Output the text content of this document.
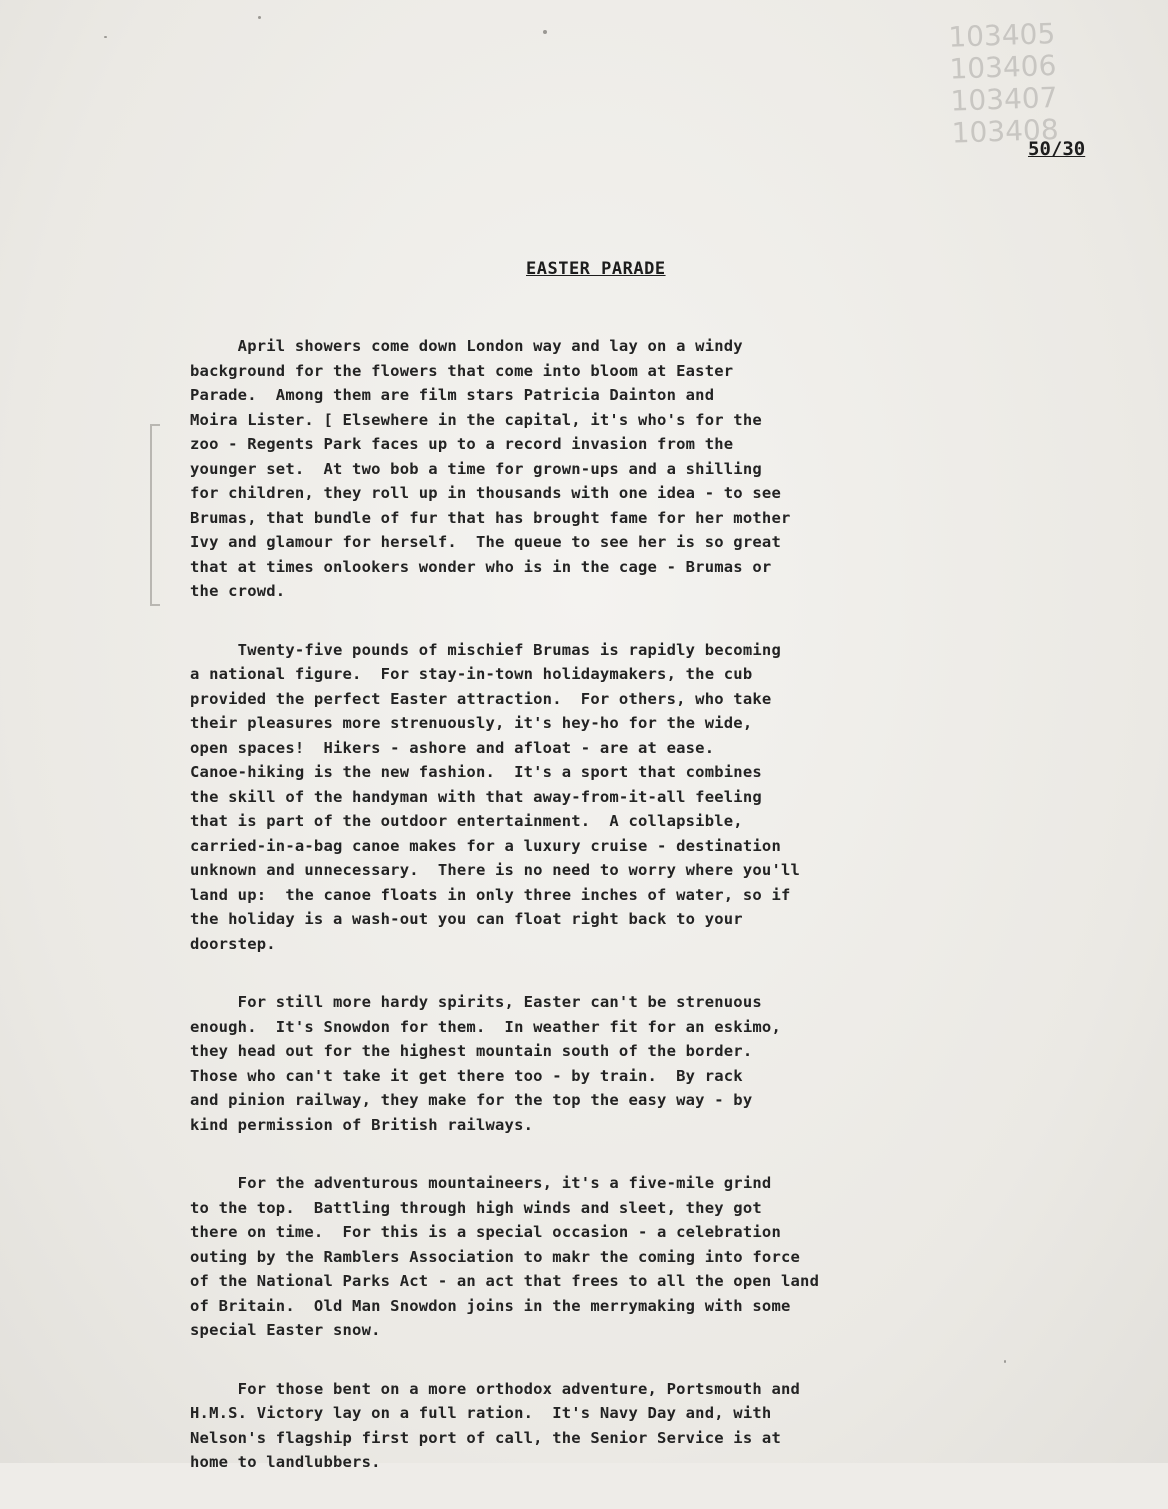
103405
103406
103407
103408
50/30
EASTER PARADE
April showers come down London way and lay on a windy
background for the flowers that come into bloom at Easter
Parade.  Among them are film stars Patricia Dainton and
Moira Lister. [ Elsewhere in the capital, it's who's for the
zoo - Regents Park faces up to a record invasion from the
younger set.  At two bob a time for grown-ups and a shilling
for children, they roll up in thousands with one idea - to see
Brumas, that bundle of fur that has brought fame for her mother
Ivy and glamour for herself.  The queue to see her is so great
that at times onlookers wonder who is in the cage - Brumas or
the crowd.
Twenty-five pounds of mischief Brumas is rapidly becoming
a national figure.  For stay-in-town holidaymakers, the cub
provided the perfect Easter attraction.  For others, who take
their pleasures more strenuously, it's hey-ho for the wide,
open spaces!  Hikers - ashore and afloat - are at ease.
Canoe-hiking is the new fashion.  It's a sport that combines
the skill of the handyman with that away-from-it-all feeling
that is part of the outdoor entertainment.  A collapsible,
carried-in-a-bag canoe makes for a luxury cruise - destination
unknown and unnecessary.  There is no need to worry where you'll
land up:  the canoe floats in only three inches of water, so if
the holiday is a wash-out you can float right back to your
doorstep.
For still more hardy spirits, Easter can't be strenuous
enough.  It's Snowdon for them.  In weather fit for an eskimo,
they head out for the highest mountain south of the border.
Those who can't take it get there too - by train.  By rack
and pinion railway, they make for the top the easy way - by
kind permission of British railways.
For the adventurous mountaineers, it's a five-mile grind
to the top.  Battling through high winds and sleet, they got
there on time.  For this is a special occasion - a celebration
outing by the Ramblers Association to makr the coming into force
of the National Parks Act - an act that frees to all the open land
of Britain.  Old Man Snowdon joins in the merrymaking with some
special Easter snow.
For those bent on a more orthodox adventure, Portsmouth and
H.M.S. Victory lay on a full ration.  It's Navy Day and, with
Nelson's flagship first port of call, the Senior Service is at
home to landlubbers.
